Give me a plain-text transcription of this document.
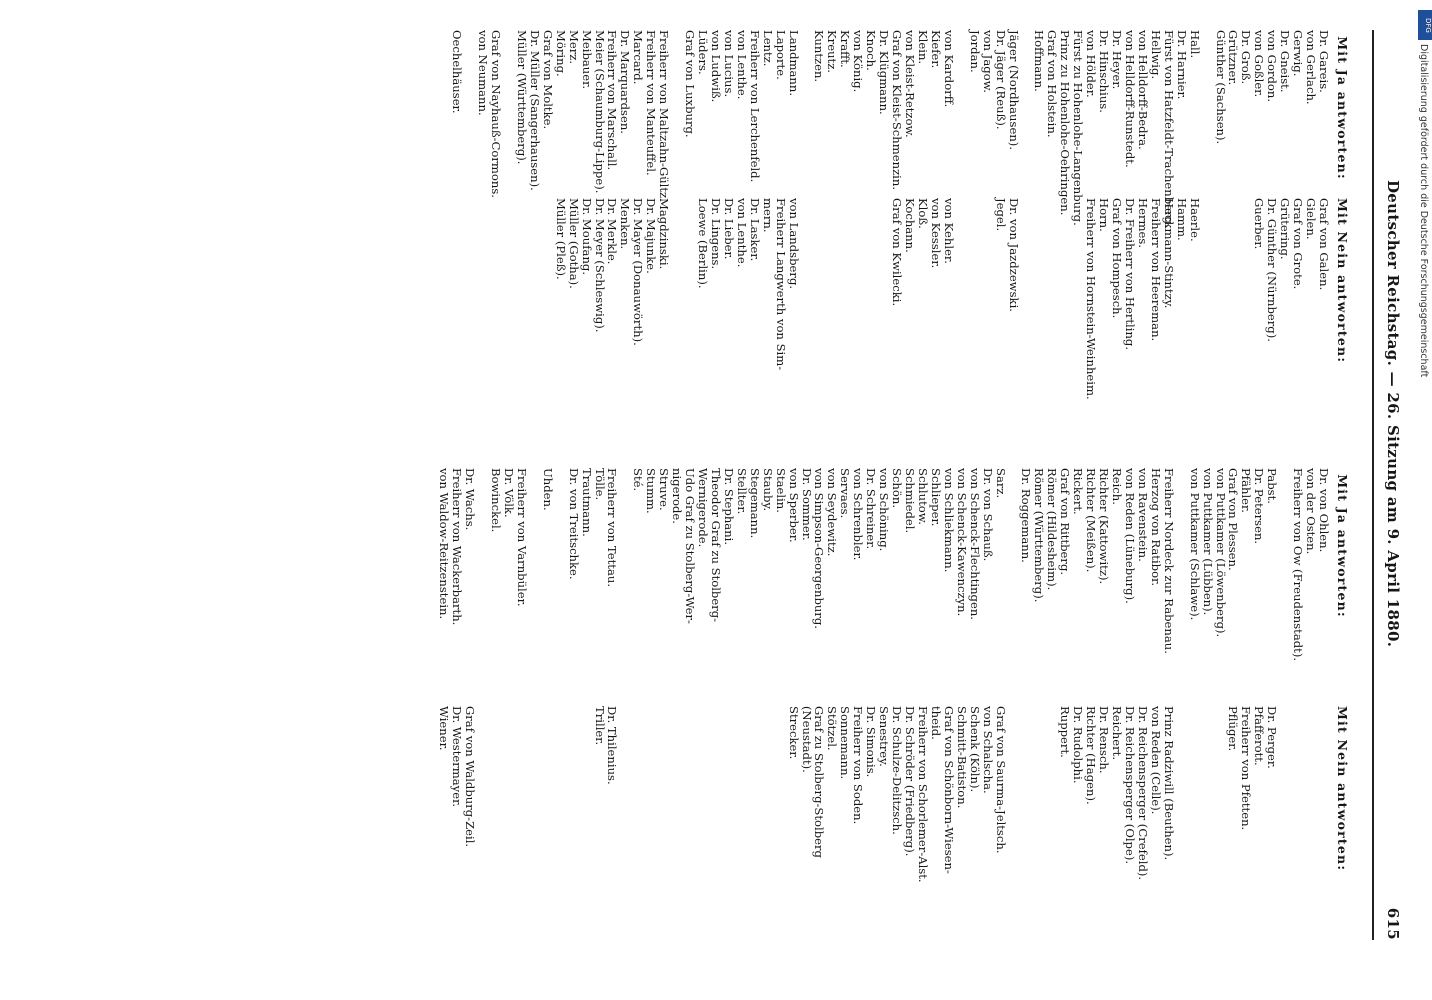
Deutscher Reichstag. — 26. Sitzung am 9. April 1880.
615
Mit Ja antworten:
Dr. Gareis.
von Gerlach.
Gerwig.
Dr. Gneist.
von Gordon.
von Goßler.
Dr. Groß.
Grützner.
Günther (Sachsen).
Hall.
Dr. Harnier.
Fürst von Hatzfeldt-Trachenberg.
Hellwig.
von Helldorff-Bedra.
von Helldorff-Runstedt.
Dr. Heyer.
Dr. Hinschius.
von Hölder.
Fürst zu Hohenlohe-Langenburg.
Prinz zu Hohenlohe-Oehringen.
Graf von Holstein.
Hoffmann.
Jäger (Nordhausen).
Dr. Jäger (Reuß).
von Jagow.
Jordan.
von Kardorff.
Kiefer.
Klein.
von Kleist-Retzow.
Graf von Kleist-Schmenzin.
Dr. Klügmann.
Knoch.
von König.
Krafft.
Kreutz.
Kuntzen.
Landmann.
Laporte.
Lentz.
Freiherr von Lerchenfeld.
von Lenthe.
von Lucius.
von Ludwiß.
Lüders.
Graf von Luxburg.
Freiherr von Maltzahn-Gültz.
Freiherr von Manteuffel.
Marcard.
Dr. Marquardsen.
Freiherr von Marschall.
Meier (Schaumburg-Lippe).
Meibauer.
Merz.
Möring.
Graf von Moltke.
Dr. Müller (Sangerhausen).
Müller (Württemberg).
Graf von Nayhauß-Cormons.
von Neumann.
Oechelhäuser.
Mit Nein antworten:
Graf von Galen.
Gielen.
Graf von Grote.
Grütering.
Dr. Günther (Nürnberg).
Guerber.
Haerle.
Hamm.
Heckmann-Stintzy.
Freiherr von Heereman.
Hermes.
Dr. Freiherr von Hertling.
Graf von Hompesch.
Horn.
Freiherr von Hornstein-Weinheim.
Dr. von Jazdzewski.
Jegel.
von Kehler.
von Kessler.
Kloß.
Kochann.
Graf von Kwilecki.
von Landsberg.
Freiherr Langwerth von Sim-
mern.
Dr. Lasker.
von Lenthe.
Dr. Lieber.
Dr. Lingens.
Loewe (Berlin).
Magdzinski.
Dr. Majunke.
Dr. Mayer (Donauwörth).
Menken.
Dr. Merkle.
Dr. Meyer (Schleswig).
Dr. Moufang.
Müller (Gotha).
Müller (Pleß).
Mit Ja antworten:
Dr. von Ohlen.
von der Osten.
Freiherr von Ow (Freudenstadt).
Pabst.
Dr. Petersen.
Pfähler.
Graf von Plessen.
von Puttkamer (Löwenberg).
von Puttkamer (Lübben).
von Puttkamer (Schlawe).
Freiherr Nordeck zur Rabenau.
Herzog von Ratibor.
von Ravenstein.
von Reden (Lüneburg).
Reich.
Richter (Kattowitz).
Richter (Meißen).
Rickert.
Graf von Rittberg.
Römer (Hildesheim).
Römer (Württemberg).
Dr. Roggemann.
Sarz.
Dr. von Schauß.
von Schenck-Flechtingen.
von Schenck-Kawenczyn.
von Schliekmann.
Schlieper.
Schlutow.
Schmiedel.
Schön.
von Schöning.
Dr. Schreiner.
von Schrenbler.
Servaes.
von Seydewitz.
von Simpson-Georgenburg.
Dr. Sommer.
von Sperber.
Staelin.
Stauby.
Stegemann.
Stellter.
Dr. Stephani.
Theodor Graf zu Stolberg-
Wernigerode.
Udo Graf zu Stolberg-Wer-
nigerode.
Struve.
Stumm.
Sté.
Freiherr von Tettau.
Tölle.
Trautmann.
Dr. von Treitschke.
Uhden.
Freiherr von Varnbüler.
Dr. Völk.
Bowinckel.
Dr. Wachs.
Freiherr von Wackerbarth.
von Waldow-Reitzenstein.
Mit Nein antworten:
Dr. Perger.
Pfafferott.
Freiherr von Pfetten.
Pflüger.
Prinz Radziwill (Beuthen).
von Reden (Celle).
Dr. Reichensperger (Crefeld).
Dr. Reichensperger (Olpe).
Reichert.
Dr. Rensch.
Richter (Hagen).
Dr. Rudolphi.
Ruppert.
Graf von Saurma-Jeltsch.
von Schalscha.
Schenk (Köln).
Schmitt-Batiston.
Graf von Schönborn-Wiesen-
theid.
Freiherr von Schorlemer-Alst.
Dr. Schröder (Friedberg).
Dr. Schulze-Delitzsch.
Senestrey.
Dr. Simonis.
Freiherr von Soden.
Sonnemann.
Stötzel.
Graf zu Stolberg-Stolberg
(Neustadt).
Strecker.
Dr. Thilenius.
Triller.
Graf von Waldburg-Zeil.
Dr. Westermayer.
Wiener.
DFG
Digitalisierung gefördert durch die Deutsche Forschungsgemeinschaft
